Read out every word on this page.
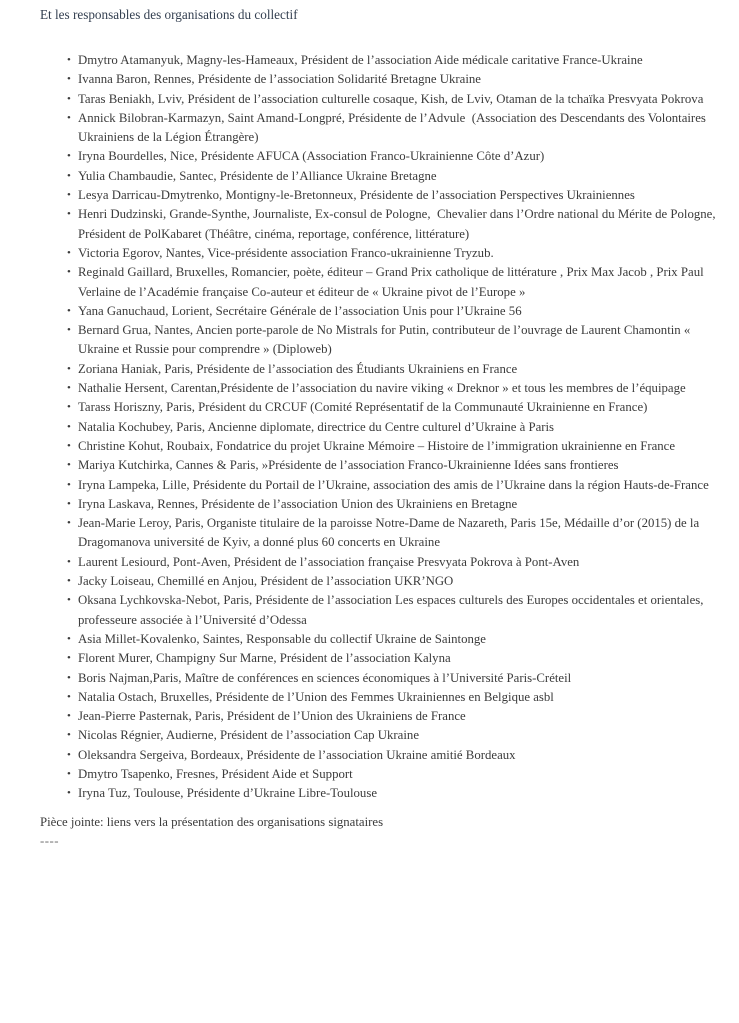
Et les responsables des organisations du collectif

• Dmytro Atamanyuk, Magny-les-Hameaux, Président de l’association Aide médicale caritative France-Ukraine
• Ivanna Baron, Rennes, Présidente de l’association Solidarité Bretagne Ukraine
• Taras Beniakh, Lviv, Président de l’association culturelle cosaque, Kish, de Lviv, Otaman de la tchaïka Presvyata Pokrova
• Annick Bilobran-Karmazyn, Saint Amand-Longpré, Présidente de l’Advule  (Association des Descendants des Volontaires Ukrainiens de la Légion Étrangère)
• Iryna Bourdelles, Nice, Présidente AFUCA (Association Franco-Ukrainienne Côte d’Azur)
• Yulia Chambaudie, Santec, Présidente de l’Alliance Ukraine Bretagne
• Lesya Darricau-Dmytrenko, Montigny-le-Bretonneux, Présidente de l’association Perspectives Ukrainiennes
• Henri Dudzinski, Grande-Synthe, Journaliste, Ex-consul de Pologne,  Chevalier dans l’Ordre national du Mérite de Pologne, Président de PolKabaret (Théâtre, cinéma, reportage, conférence, littérature)
• Victoria Egorov, Nantes, Vice-présidente association Franco-ukrainienne Tryzub.
• Reginald Gaillard, Bruxelles, Romancier, poète, éditeur – Grand Prix catholique de littérature , Prix Max Jacob , Prix Paul Verlaine de l’Académie française Co-auteur et éditeur de « Ukraine pivot de l’Europe »
• Yana Ganuchaud, Lorient, Secrétaire Générale de l’association Unis pour l’Ukraine 56
• Bernard Grua, Nantes, Ancien porte-parole de No Mistrals for Putin, contributeur de l’ouvrage de Laurent Chamontin « Ukraine et Russie pour comprendre » (Diploweb)
• Zoriana Haniak, Paris, Présidente de l’association des Étudiants Ukrainiens en France
• Nathalie Hersent, Carentan,Présidente de l’association du navire viking « Dreknor » et tous les membres de l’équipage
• Tarass Horiszny, Paris, Président du CRCUF (Comité Représentatif de la Communauté Ukrainienne en France)
• Natalia Kochubey, Paris, Ancienne diplomate, directrice du Centre culturel d’Ukraine à Paris
• Christine Kohut, Roubaix, Fondatrice du projet Ukraine Mémoire – Histoire de l’immigration ukrainienne en France
• Mariya Kutchirka, Cannes & Paris, »Présidente de l’association Franco-Ukrainienne Idées sans frontieres
• Iryna Lampeka, Lille, Présidente du Portail de l’Ukraine, association des amis de l’Ukraine dans la région Hauts-de-France
• Iryna Laskava, Rennes, Présidente de l’association Union des Ukrainiens en Bretagne
• Jean-Marie Leroy, Paris, Organiste titulaire de la paroisse Notre-Dame de Nazareth, Paris 15e, Médaille d’or (2015) de la Dragomanova université de Kyiv, a donné plus 60 concerts en Ukraine
• Laurent Lesiourd, Pont-Aven, Président de l’association française Presvyata Pokrova à Pont-Aven
• Jacky Loiseau, Chemillé en Anjou, Président de l’association UKR’NGO
• Oksana Lychkovska-Nebot, Paris, Présidente de l’association Les espaces culturels des Europes occidentales et orientales, professeure associée à l’Université d’Odessa
• Asia Millet-Kovalenko, Saintes, Responsable du collectif Ukraine de Saintonge
• Florent Murer, Champigny Sur Marne, Président de l’association Kalyna
• Boris Najman,Paris, Maître de conférences en sciences économiques à l’Université Paris-Créteil
• Natalia Ostach, Bruxelles, Présidente de l’Union des Femmes Ukrainiennes en Belgique asbl
• Jean-Pierre Pasternak, Paris, Président de l’Union des Ukrainiens de France
• Nicolas Régnier, Audierne, Président de l’association Cap Ukraine
• Oleksandra Sergeiva, Bordeaux, Présidente de l’association Ukraine amitié Bordeaux
• Dmytro Tsapenko, Fresnes, Président Aide et Support
• Iryna Tuz, Toulouse, Présidente d’Ukraine Libre-Toulouse

Pièce jointe: liens vers la présentation des organisations signataires

----
